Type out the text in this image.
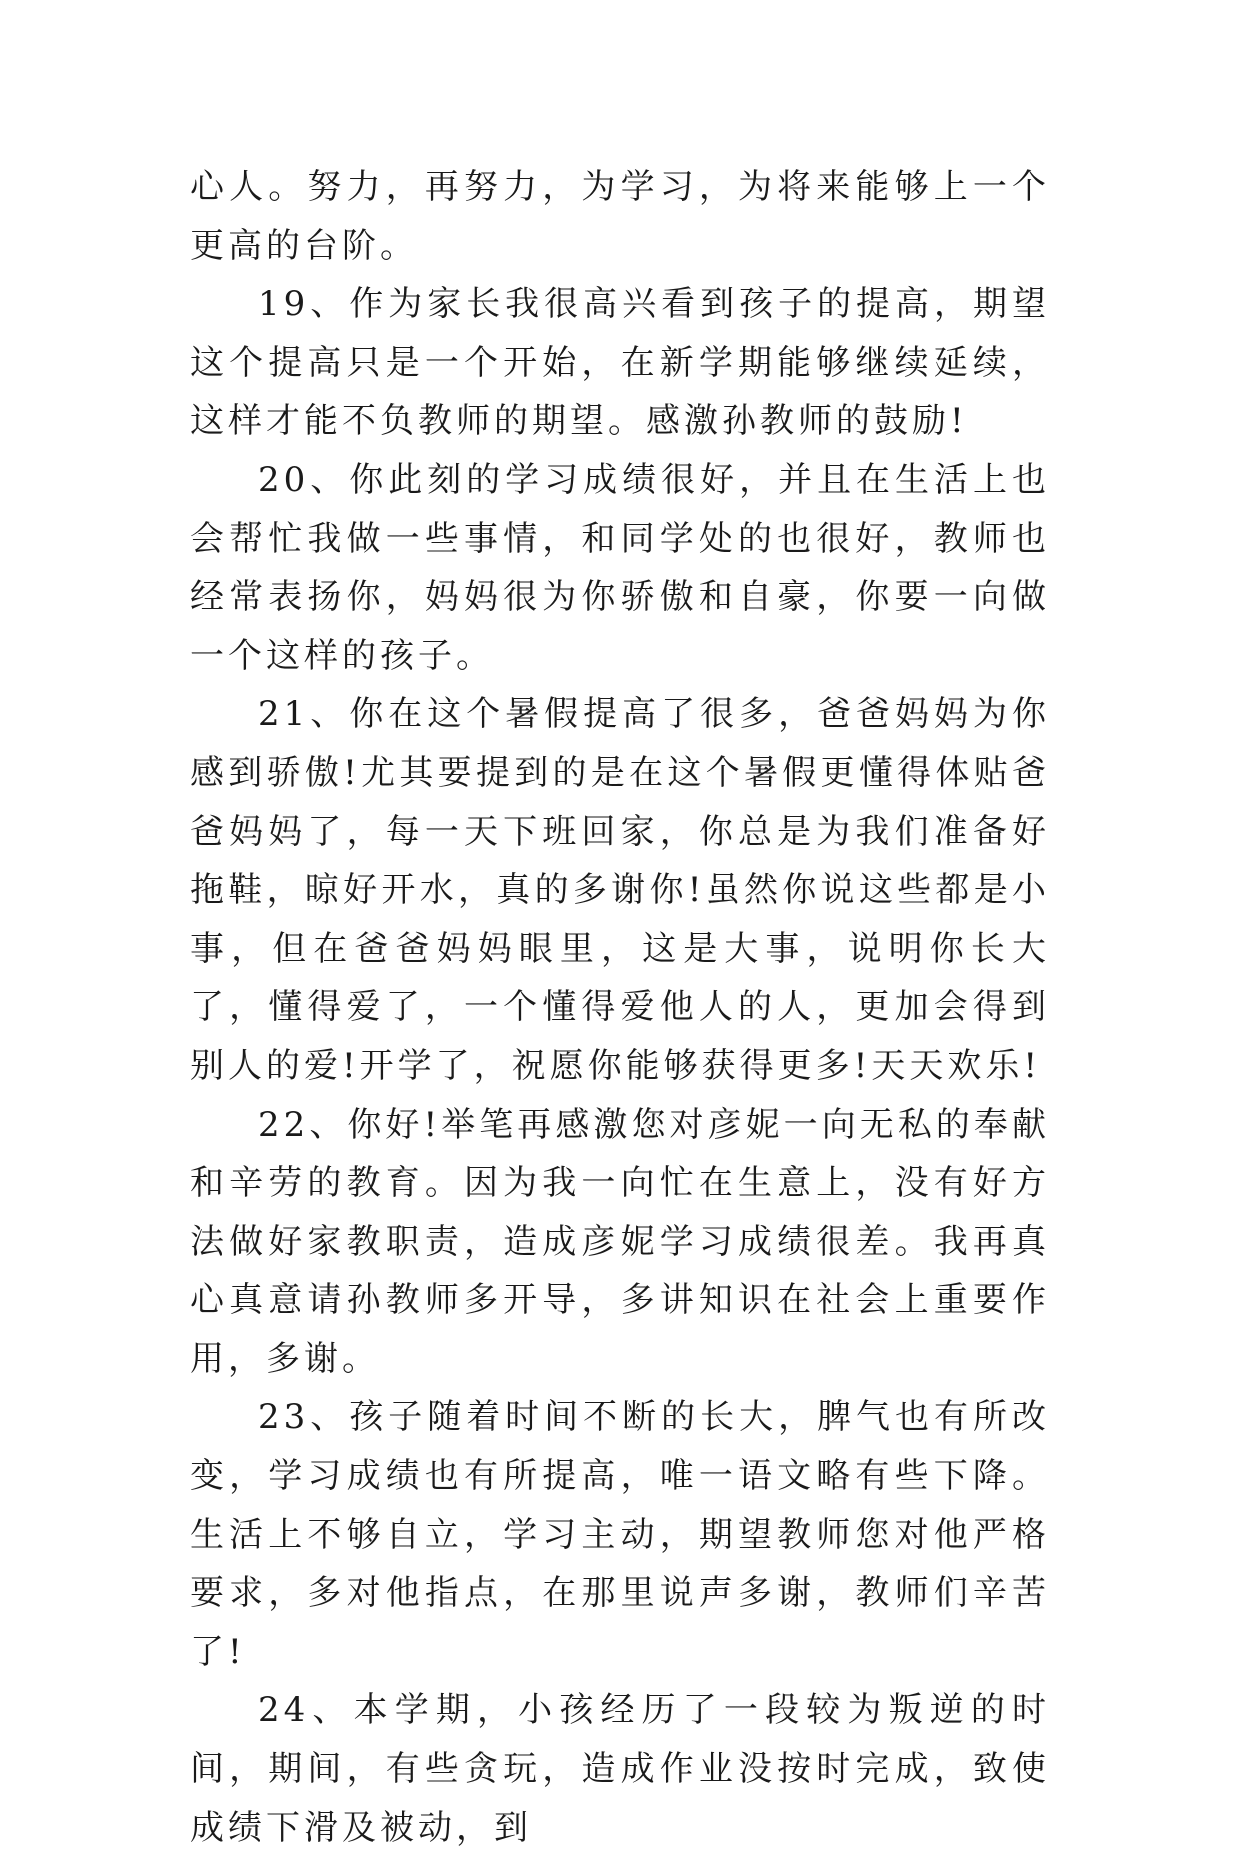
心人。努力，再努力，为学习，为将来能够上一个更高的台阶。

19、作为家长我很高兴看到孩子的提高，期望这个提高只是一个开始，在新学期能够继续延续，这样才能不负教师的期望。感激孙教师的鼓励!

20、你此刻的学习成绩很好，并且在生活上也会帮忙我做一些事情，和同学处的也很好，教师也经常表扬你，妈妈很为你骄傲和自豪，你要一向做一个这样的孩子。

21、你在这个暑假提高了很多，爸爸妈妈为你感到骄傲!尤其要提到的是在这个暑假更懂得体贴爸爸妈妈了，每一天下班回家，你总是为我们准备好拖鞋，晾好开水，真的多谢你!虽然你说这些都是小事，但在爸爸妈妈眼里，这是大事，说明你长大了，懂得爱了，一个懂得爱他人的人，更加会得到别人的爱!开学了，祝愿你能够获得更多!天天欢乐!

22、你好!举笔再感激您对彦妮一向无私的奉献和辛劳的教育。因为我一向忙在生意上，没有好方法做好家教职责，造成彦妮学习成绩很差。我再真心真意请孙教师多开导，多讲知识在社会上重要作用，多谢。

23、孩子随着时间不断的长大，脾气也有所改变，学习成绩也有所提高，唯一语文略有些下降。生活上不够自立，学习主动，期望教师您对他严格要求，多对他指点，在那里说声多谢，教师们辛苦了!

24、本学期，小孩经历了一段较为叛逆的时间，期间，有些贪玩，造成作业没按时完成，致使成绩下滑及被动，到
